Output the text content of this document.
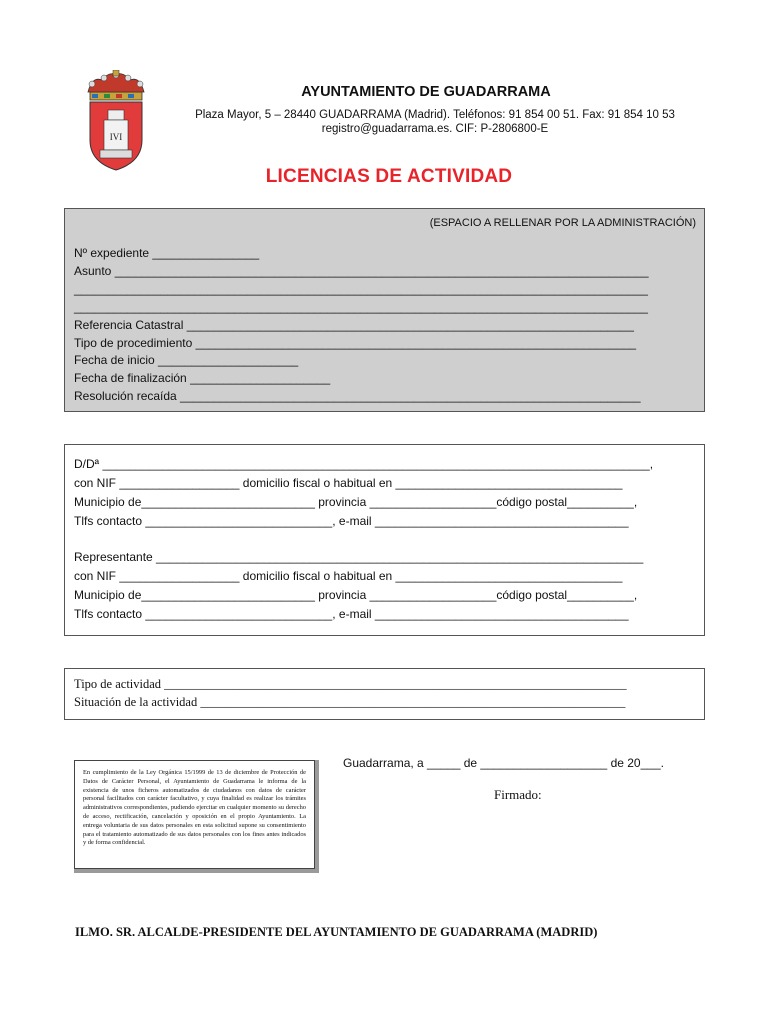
IVI
AYUNTAMIENTO DE GUADARRAMA
Plaza Mayor, 5 – 28440 GUADARRAMA (Madrid). Teléfonos: 91 854 00 51. Fax: 91 854 10 53
registro@guadarrama.es. CIF: P-2806800-E
LICENCIAS DE ACTIVIDAD
(ESPACIO A RELLENAR POR LA ADMINISTRACIÓN)
Nº expediente ________________
Asunto ________________________________________________________________________________
______________________________________________________________________________________
______________________________________________________________________________________
Referencia Catastral ___________________________________________________________________
Tipo de procedimiento __________________________________________________________________
Fecha de inicio _____________________
Fecha de finalización _____________________
Resolución recaída _____________________________________________________________________
D/Dª __________________________________________________________________________________,
con NIF __________________ domicilio fiscal o habitual en __________________________________
Municipio de__________________________ provincia ___________________código postal__________,
Tlfs contacto ____________________________, e-mail ______________________________________
Representante _________________________________________________________________________
con NIF __________________ domicilio fiscal o habitual en __________________________________
Municipio de__________________________ provincia ___________________código postal__________,
Tlfs contacto ____________________________, e-mail ______________________________________
Tipo de actividad __________________________________________________________________________
Situación de la actividad ____________________________________________________________________
En cumplimiento de la Ley Orgánica 15/1999 de 13 de diciembre de Protección de Datos de Carácter Personal, el Ayuntamiento de Guadarrama le informa de la existencia de unos ficheros automatizados de ciudadanos con datos de carácter personal facilitados con carácter facultativo, y cuya finalidad es realizar los trámites administrativos correspondientes, pudiendo ejercitar en cualquier momento su derecho de acceso, rectificación, cancelación y oposición en el propio Ayuntamiento. La entrega voluntaria de sus datos personales en esta solicitud supone su consentimiento para el tratamiento automatizado de sus datos personales con los fines antes indicados y de forma confidencial.
Guadarrama, a _____ de ___________________ de 20___.
Firmado:
ILMO. SR. ALCALDE-PRESIDENTE DEL AYUNTAMIENTO DE GUADARRAMA (MADRID)
